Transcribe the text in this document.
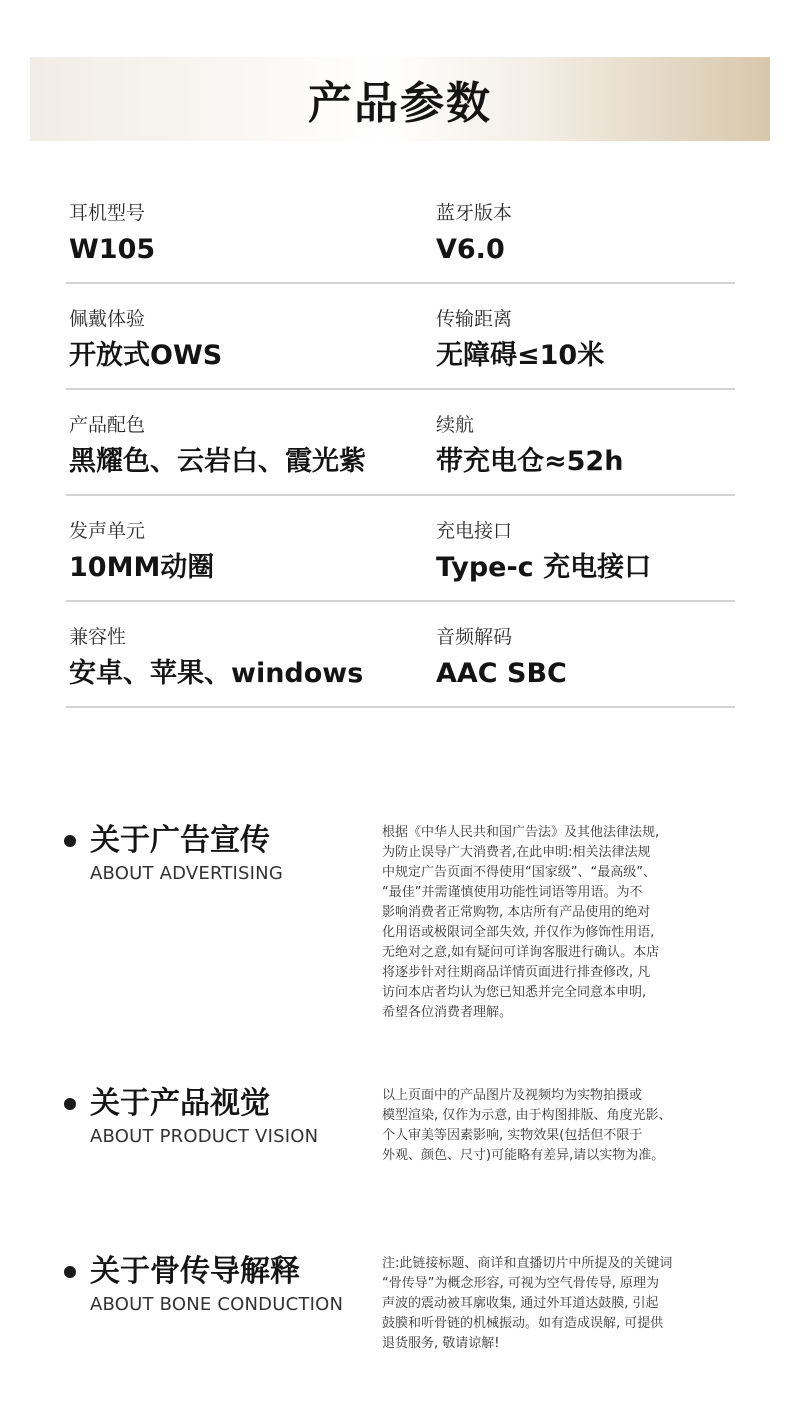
产品参数
耳机型号
W105
蓝牙版本
V6.0
佩戴体验
开放式OWS
传输距离
无障碍≤10米
产品配色
黑耀色、云岩白、霞光紫
续航
带充电仓≈52h
发声单元
10MM动圈
充电接口
Type-c 充电接口
兼容性
安卓、苹果、windows
音频解码
AAC SBC
关于广告宣传
ABOUT ADVERTISING
根据《中华人民共和国广告法》及其他法律法规,
为防止误导广大消费者,在此申明:相关法律法规
中规定广告页面不得使用“国家级”、“最高级”、
“最佳”并需谨慎使用功能性词语等用语。为不
影响消费者正常购物, 本店所有产品使用的绝对
化用语或极限词全部失效, 并仅作为修饰性用语,
无绝对之意,如有疑问可详询客服进行确认。本店
将逐步针对往期商品详情页面进行排查修改, 凡
访问本店者均认为您已知悉并完全同意本申明,
希望各位消费者理解。
关于产品视觉
ABOUT PRODUCT VISION
以上页面中的产品图片及视频均为实物拍摄或
模型渲染, 仅作为示意, 由于构图排版、角度光影、
个人审美等因素影响, 实物效果(包括但不限于
外观、颜色、尺寸)可能略有差异,请以实物为准。
关于骨传导解释
ABOUT BONE CONDUCTION
注:此链接标题、商详和直播切片中所提及的关键词
“骨传导”为概念形容, 可视为空气骨传导, 原理为
声波的震动被耳廓收集, 通过外耳道达鼓膜, 引起
鼓膜和听骨链的机械振动。如有造成误解, 可提供
退货服务, 敬请谅解!
